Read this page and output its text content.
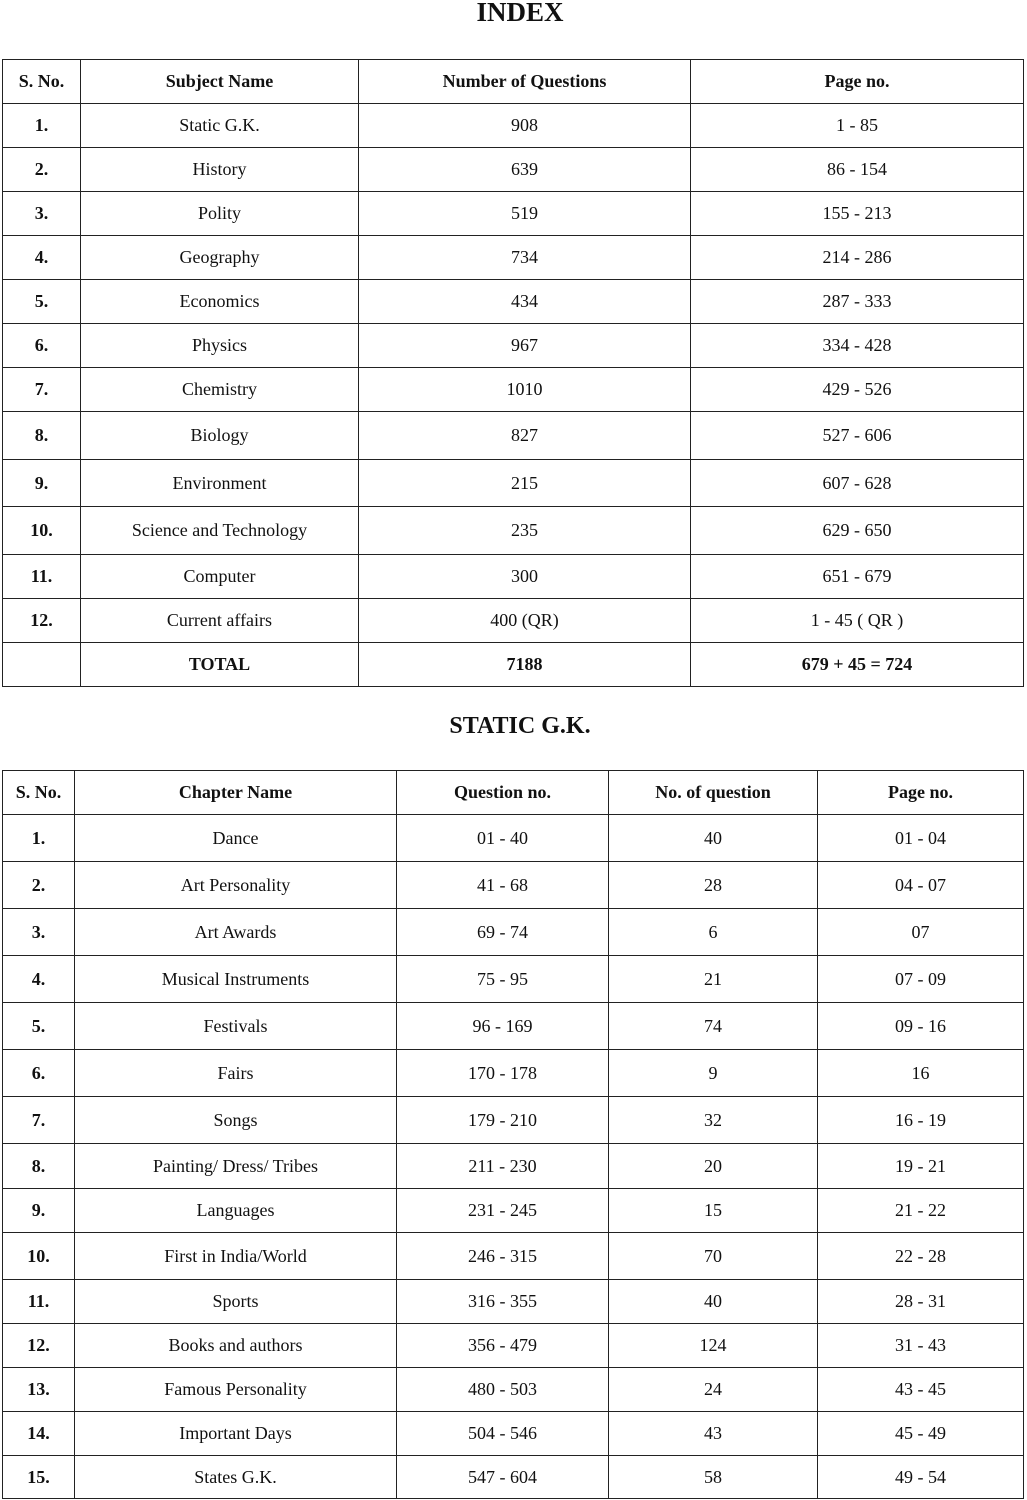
INDEX
S. No.	Subject Name	Number of Questions	Page no.
1.	Static G.K.	908	1 - 85
2.	History	639	86 - 154
3.	Polity	519	155 - 213
4.	Geography	734	214 - 286
5.	Economics	434	287 - 333
6.	Physics	967	334 - 428
7.	Chemistry	1010	429 - 526
8.	Biology	827	527 - 606
9.	Environment	215	607 - 628
10.	Science and Technology	235	629 - 650
11.	Computer	300	651 - 679
12.	Current affairs	400 (QR)	1 - 45 ( QR )
	TOTAL	7188	679 + 45 = 724
STATIC G.K.
S. No.	Chapter Name	Question no.	No. of question	Page no.
1.	Dance	01 - 40	40	01 - 04
2.	Art Personality	41 - 68	28	04 - 07
3.	Art Awards	69 - 74	6	07
4.	Musical Instruments	75 - 95	21	07 - 09
5.	Festivals	96 - 169	74	09 - 16
6.	Fairs	170 - 178	9	16
7.	Songs	179 - 210	32	16 - 19
8.	Painting/ Dress/ Tribes	211 - 230	20	19 - 21
9.	Languages	231 - 245	15	21 - 22
10.	First in India/World	246 - 315	70	22 - 28
11.	Sports	316 - 355	40	28 - 31
12.	Books and authors	356 - 479	124	31 - 43
13.	Famous Personality	480 - 503	24	43 - 45
14.	Important Days	504 - 546	43	45 - 49
15.	States G.K.	547 - 604	58	49 - 54
